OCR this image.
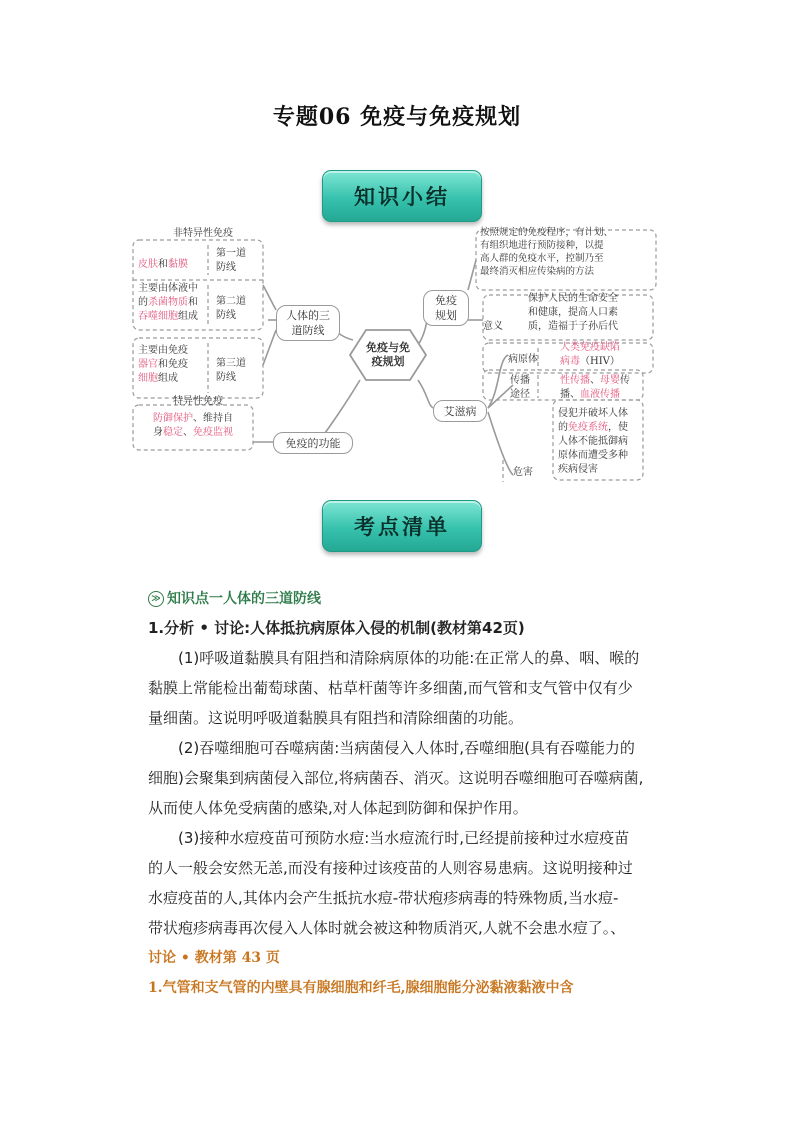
专题06 免疫与免疫规划
知识小结
免疫与免
疫规划
人体的三
道防线
免疫的功能
非特异性免疫
特异性免疫
皮肤和黏膜
第一道
防线
主要由体液中
的杀菌物质和
吞噬细胞组成
第二道
防线
主要由免疫
器官和免疫
细胞组成
第三道
防线
防御保护、维持自
身稳定、免疫监视
免疫
规划
艾滋病
按照规定的免疫程序，有计划、
有组织地进行预防接种，以提
高人群的免疫水平，控制乃至
最终消灭相应传染病的方法
意义
保护人民的生命安全
和健康，提高人口素
质，造福于子孙后代
病原体
人类免疫缺陷
病毒（HIV）
传播
途径
性传播、母婴传
播、血液传播
危害
侵犯并破坏人体
的免疫系统，使
人体不能抵御病
原体而遭受多种
疾病侵害
考点清单
≫ 知识点一人体的三道防线
1.分析 • 讨论:人体抵抗病原体入侵的机制(教材第42页)
(1)呼吸道黏膜具有阻挡和清除病原体的功能:在正常人的鼻、咽、喉的
黏膜上常能检出葡萄球菌、枯草杆菌等许多细菌,而气管和支气管中仅有少
量细菌。这说明呼吸道黏膜具有阻挡和清除细菌的功能。
(2)吞噬细胞可吞噬病菌:当病菌侵入人体时,吞噬细胞(具有吞噬能力的
细胞)会聚集到病菌侵入部位,将病菌吞、消灭。这说明吞噬细胞可吞噬病菌,
从而使人体免受病菌的感染,对人体起到防御和保护作用。
(3)接种水痘疫苗可预防水痘:当水痘流行时,已经提前接种过水痘疫苗
的人一般会安然无恙,而没有接种过该疫苗的人则容易患病。这说明接种过
水痘疫苗的人,其体内会产生抵抗水痘-带状疱疹病毒的特殊物质,当水痘-
带状疱疹病毒再次侵入人体时就会被这种物质消灭,人就不会患水痘了。、
讨论 • 教材第 43 页
1.气管和支气管的内壁具有腺细胞和纤毛,腺细胞能分泌黏液黏液中含
